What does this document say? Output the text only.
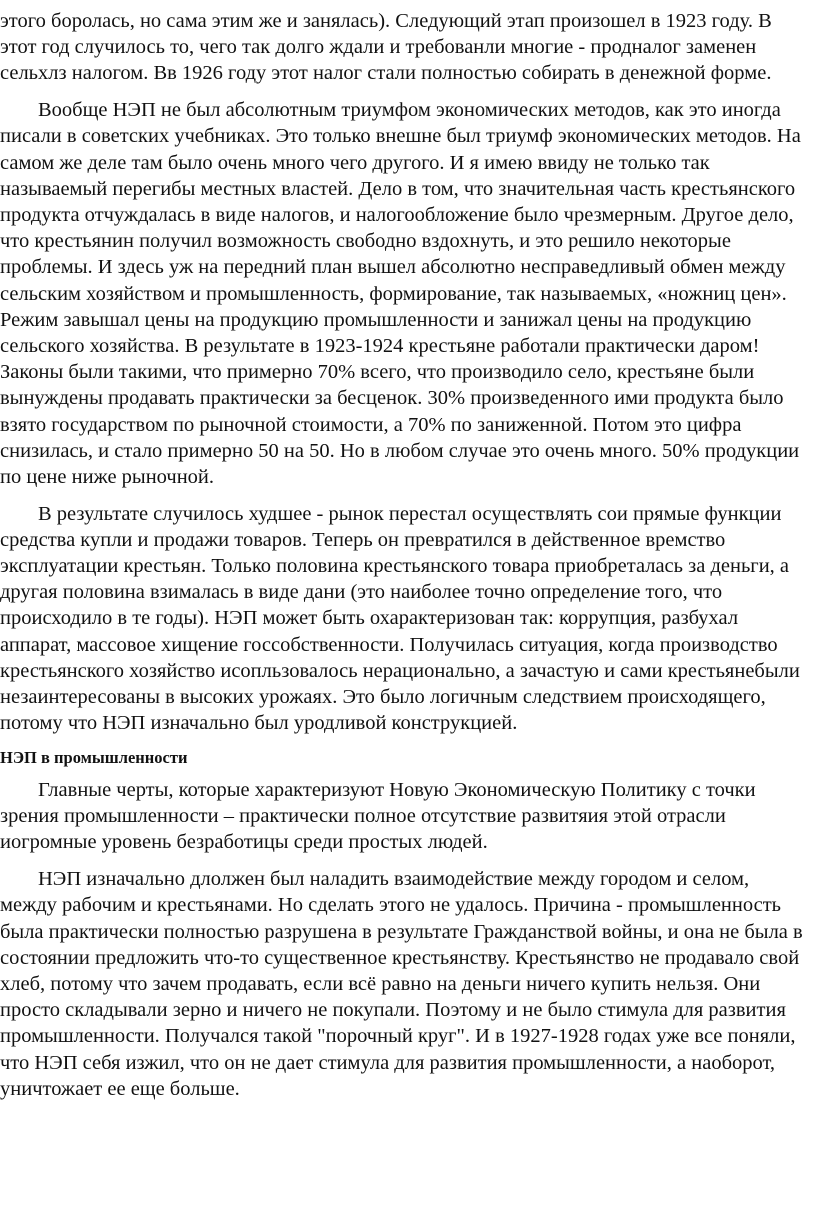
этого боролась, но сама этим же и занялась). Следующий этап произошел в 1923 году. В этот год случилось то, чего так долго ждали и требованли многие - продналог заменен сельхлз налогом. Вв 1926 году этот налог стали полностью собирать в денежной форме.

Вообще НЭП не был абсолютным триумфом экономических методов, как это иногда писали в советских учебниках. Это только внешне был триумф экономических методов. На самом же деле там было очень много чего другого. И я имею ввиду не только так называемый перегибы местных властей. Дело в том, что значительная часть крестьянского продукта отчуждалась в виде налогов, и налогообложение было чрезмерным. Другое дело, что крестьянин получил возможность свободно вздохнуть, и это решило некоторые проблемы. И здесь уж на передний план вышел абсолютно несправедливый обмен между сельским хозяйством и промышленность, формирование, так называемых, «ножниц цен». Режим завышал цены на продукцию промышленности и занижал цены на продукцию сельского хозяйства. В результате в 1923-1924 крестьяне работали практически даром! Законы были такими, что примерно 70% всего, что производило село, крестьяне были вынуждены продавать практически за бесценок. 30% произведенного ими продукта было взято государством по рыночной стоимости, а 70% по заниженной. Потом это цифра снизилась, и стало примерно 50 на 50. Но в любом случае это очень много. 50% продукции по цене ниже рыночной.

В результате случилось худшее - рынок перестал осуществлять сои прямые функции средства купли и продажи товаров. Теперь он превратился в действенное времство эксплуатации крестьян. Только половина крестьянского товара приобреталась за деньги, а другая половина взималась в виде дани (это наиболее точно определение того, что происходило в те годы). НЭП может быть охарактеризован так: коррупция, разбухал аппарат, массовое хищение госсобственности. Получилась ситуация, когда производство крестьянского хозяйство исопльзовалось нерационально, а зачастую и сами крестьянебыли незаинтересованы в высоких урожаях. Это было логичным следствием происходящего, потому что НЭП изначально был уродливой конструкцией.

НЭП в промышленности

Главные черты, которые характеризуют Новую Экономическую Политику с точки зрения промышленности – практически полное отсутствие развитяия этой отрасли иогромные уровень безработицы среди простых людей.

НЭП изначально длолжен был наладить взаимодействие между городом и селом, между рабочим и крестьянами. Но сделать этого не удалось. Причина - промышленность была практически полностью разрушена в результате Гражданствой войны, и она не была в состоянии предложить что-то существенное крестьянству. Крестьянство не продавало свой хлеб, потому что зачем продавать, если всё равно на деньги ничего купить нельзя. Они просто складывали зерно и ничего не покупали. Поэтому и не было стимула для развития промышленности. Получался такой "порочный круг". И в 1927-1928 годах уже все поняли, что НЭП себя изжил, что он не дает стимула для развития промышленности, а наоборот, уничтожает ее еще больше.
